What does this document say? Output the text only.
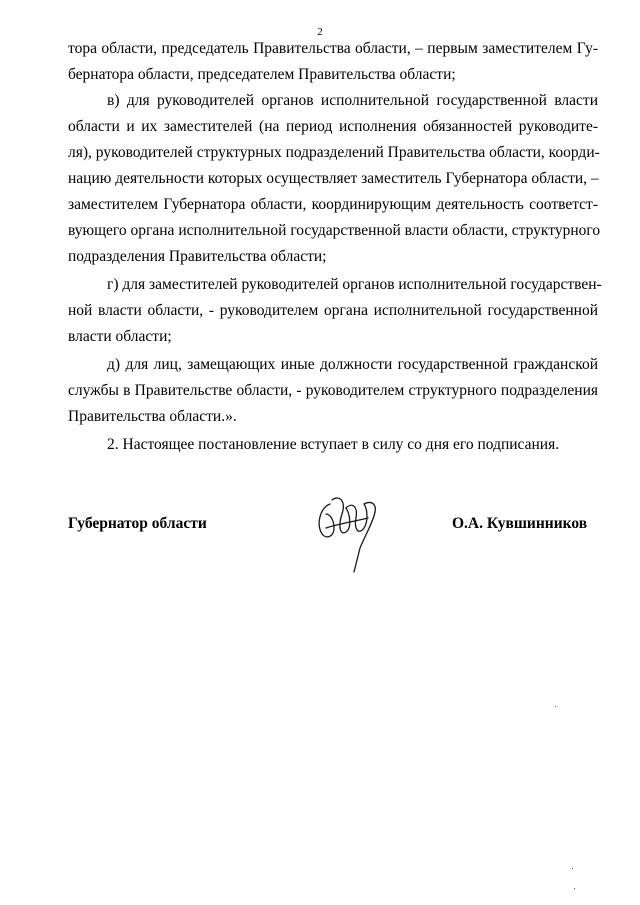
2
тора области, председатель Правительства области, – первым заместителем Гу-
бернатора области, председателем Правительства области;
в) для руководителей органов исполнительной государственной власти
области и их заместителей (на период исполнения обязанностей руководите-
ля), руководителей структурных подразделений Правительства области, коорди-
нацию деятельности которых осуществляет заместитель Губернатора области, –
заместителем Губернатора области, координирующим деятельность соответст-
вующего органа исполнительной государственной власти области, структурного
подразделения Правительства области;
г) для заместителей руководителей органов исполнительной государствен-
ной власти области, - руководителем органа исполнительной государственной
власти области;
д) для лиц, замещающих иные должности государственной гражданской
службы в Правительстве области, - руководителем структурного подразделения
Правительства области.».
2. Настоящее постановление вступает в силу со дня его подписания.
Губернатор области	О.А. Кувшинников
